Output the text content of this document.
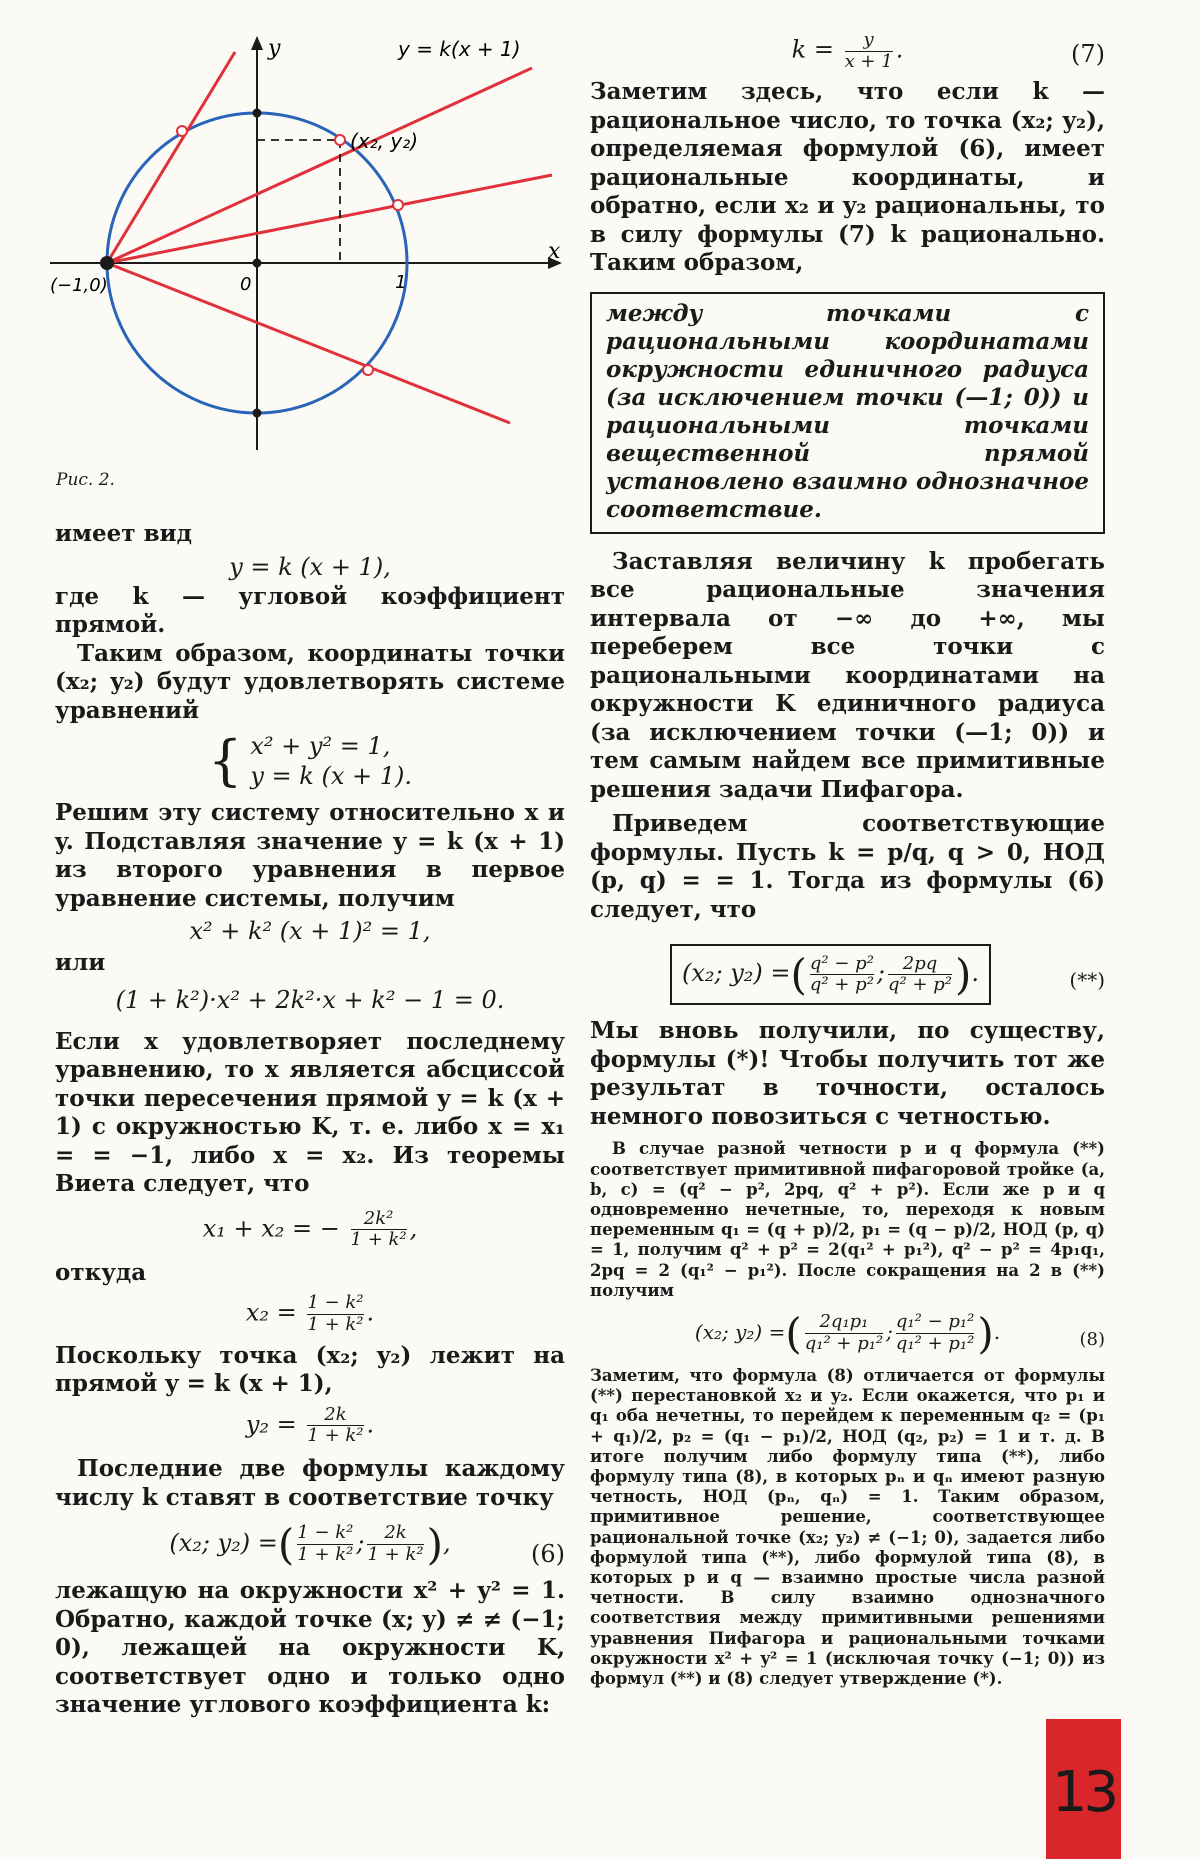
y
x
y = k(x + 1)
(x₂, y₂)
0	1
(−1,0)
Рис. 2.

имеет вид

y = k (x + 1),

где k — угловой коэффициент прямой.

Таким образом, координаты точки (x₂; y₂) будут удовлетворять системе уравнений

{ x² + y² = 1,
y = k (x + 1).

Решим эту систему относительно x и y. Подставляя значение y = k (x + 1) из второго уравнения в первое уравнение системы, получим

x² + k² (x + 1)² = 1,

или

(1 + k²)·x² + 2k²·x + k² − 1 = 0.

Если x удовлетворяет последнему уравнению, то x является абсциссой точки пересечения прямой y = k (x + 1) с окружностью K, т. е. либо x = x₁ = = −1, либо x = x₂. Из теоремы Виета следует, что

x₁ + x₂ = − $\frac{\text{2k²}}{\text{1 + k²}}$ ,

откуда

$x_2 = \frac{\text{1 − k²}}{\text{1 + k²}}$ .

Поскольку точка (x₂; y₂) лежит на прямой y = k (x + 1),

$y_2 = \frac{2k}{\text{1 + k²}}$ .

Последние две формулы каждому числу k ставят в соответствие точку

(x₂; y₂) =( $\frac{\text{1 − k²}}{\text{1 + k²}}$ ; $\frac{2k}{\text{1 + k²}}$ ),	(6)

лежащую на окружности x² + y² = 1. Обратно, каждой точке (x; y) ≠ ≠ (−1; 0), лежащей на окружности K, соответствует одно и только одно значение углового коэффициента k:

$k = \frac{y}{x + 1}$ .	(7)

Заметим здесь, что если k — рациональное число, то точка (x₂; y₂), определяемая формулой (6), имеет рациональные координаты, и обратно, если x₂ и y₂ рациональны, то в силу формулы (7) k рационально. Таким образом,

между точками с рациональными координатами окружности единичного радиуса (за исключением точки (—1; 0)) и рациональными точками вещественной прямой установлено взаимно однозначное соответствие.

Заставляя величину k пробегать все рациональные значения интервала от −∞ до +∞, мы переберем все точки с рациональными координатами на окружности K единичного радиуса (за исключением точки (—1; 0)) и тем самым найдем все примитивные решения задачи Пифагора.

Приведем соответствующие формулы. Пусть k = p/q, q > 0, НОД (p, q) = = 1. Тогда из формулы (6) следует, что

(x₂; y₂) =( $\frac{\text{q² − p²}}{\text{q² + p²}}$ ; $\frac{2pq}{\text{q² + p²}}$ ).	(**)

Мы вновь получили, по существу, формулы (*)! Чтобы получить тот же результат в точности, осталось немного повозиться с четностью.

В случае разной четности p и q формула (**) соответствует примитивной пифагоровой тройке (a, b, c) = (q² − p², 2pq, q² + p²). Если же p и q одновременно нечетные, то, переходя к новым переменным q₁ = (q + p)/2, p₁ = (q − p)/2, НОД (p, q) = 1, получим q² + p² = 2(q₁² + p₁²), q² − p² = 4p₁q₁, 2pq = 2 (q₁² − p₁²). После сокращения на 2 в (**) получим

(x₂; y₂) =( $\frac{\text{2q₁p₁}}{\text{q₁² + p₁²}}$ ; $\frac{\text{q₁² − p₁²}}{\text{q₁² + p₁²}}$ ).	(8)

Заметим, что формула (8) отличается от формулы (**) перестановкой x₂ и y₂. Если окажется, что p₁ и q₁ оба нечетны, то перейдем к переменным q₂ = (p₁ + q₁)/2, p₂ = (q₁ − p₁)/2, НОД (q₂, p₂) = 1 и т. д. В итоге получим либо формулу типа (**), либо формулу типа (8), в которых pₙ и qₙ имеют разную четность, НОД (pₙ, qₙ) = 1. Таким образом, примитивное решение, соответствующее рациональной точке (x₂; y₂) ≠ (−1; 0), задается либо формулой типа (**), либо формулой типа (8), в которых p и q — взаимно простые числа разной четности. В силу взаимно однозначного соответствия между примитивными решениями уравнения Пифагора и рациональными точками окружности x² + y² = 1 (исключая точку (−1; 0)) из формул (**) и (8) следует утверждение (*).

13
